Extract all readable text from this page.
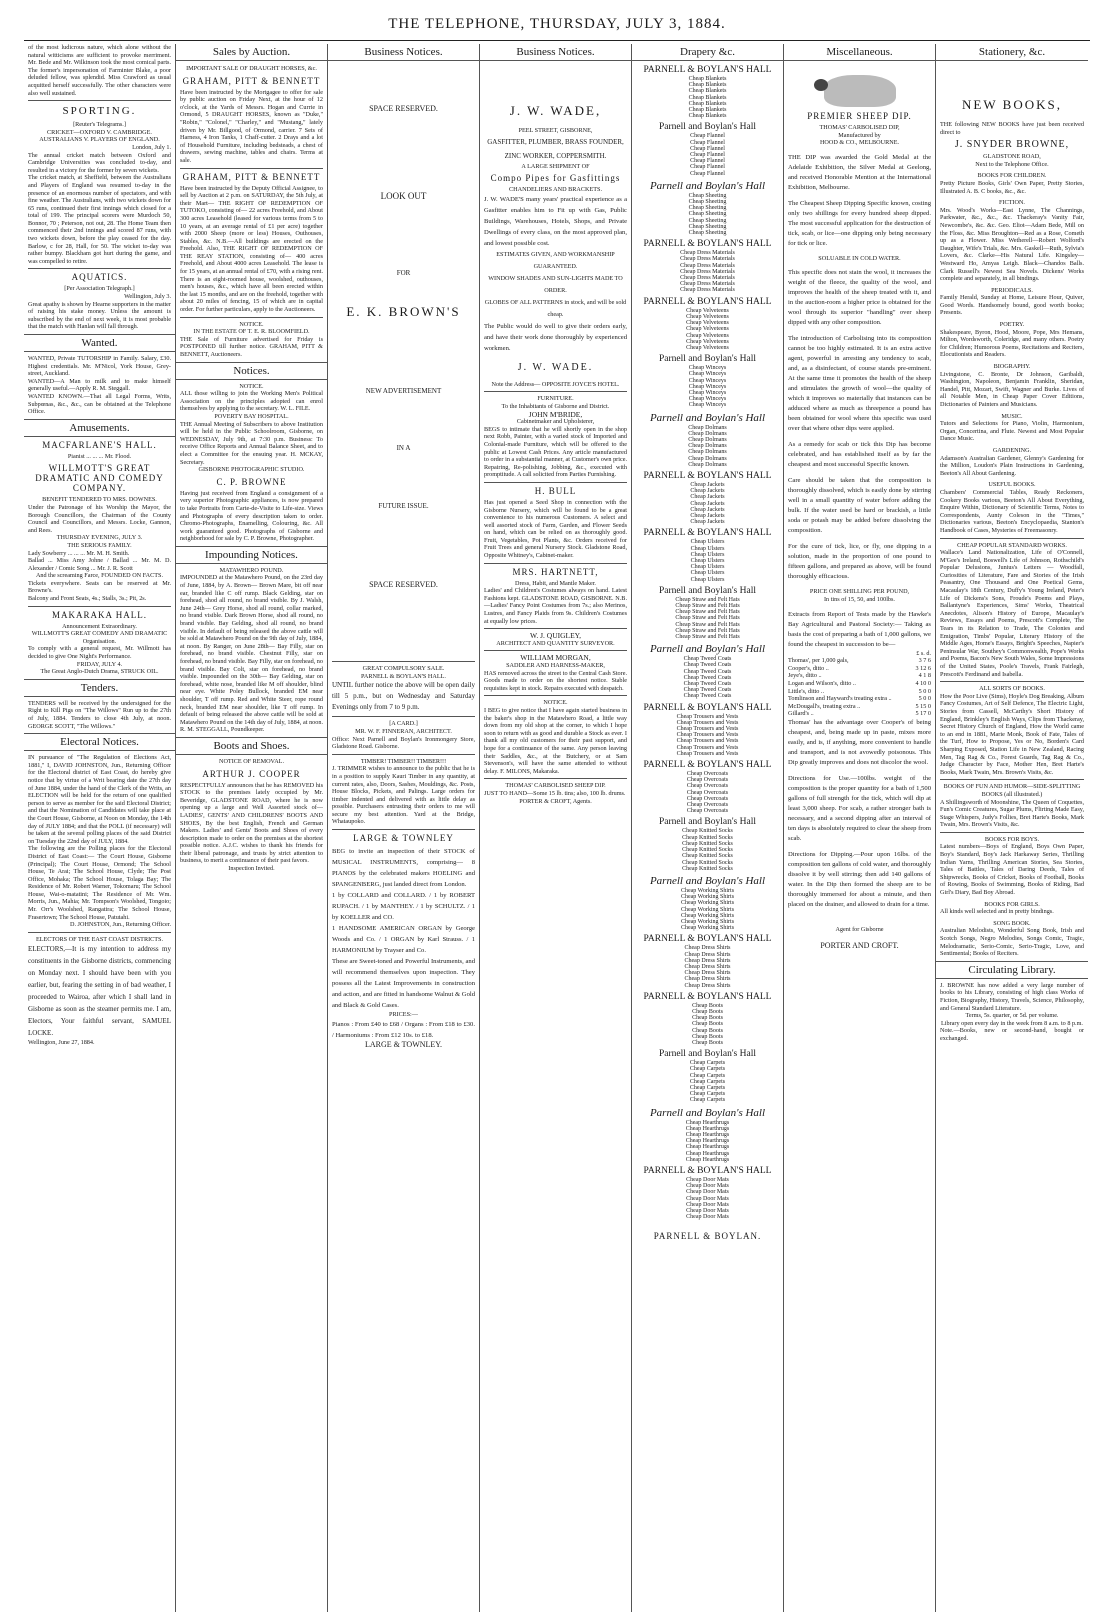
THE TELEPHONE, THURSDAY, JULY 3, 1884.
of the most ludicrous nature, which alone without the natural witticisms are sufficient to provoke merriment. Mr. Bede and Mr. Wilkinson took the most comical parts. The former's impersonation of Farminter Blake, a poor deluded fellow, was splendid. Miss Crawford as usual acquitted herself successfully. The other characters were also well sustained.
SPORTING.
[Reuter's Telegrams.]
CRICKET—OXFORD V. CAMBRIDGE.
AUSTRALIANS V. PLAYERS OF ENGLAND.
London, July 1.
The annual cricket match between Oxford and Cambridge Universities was concluded to-day, and resulted in a victory for the former by seven wickets.
The cricket match, at Sheffield, between the Australians and Players of England was resumed to-day in the presence of an enormous number of spectators, and with fine weather. The Australians, with two wickets down for 65 runs, continued their first innings which closed for a total of 199. The principal scorers were Murdoch 50, Bonnor, 70 ; Peterson, not out, 28. The Home Team then commenced their 2nd innings and scored 87 runs, with two wickets down, before the play ceased for the day. Barlow, c for 28, Hall, for 50. The wicket to-day was rather bumpy. Blackham got hurt during the game, and was compelled to retire.
AQUATICS.
[Per Association Telegraph.]
Wellington, July 3.
Great apathy is shown by Hearne supporters in the matter of raising his stake money. Unless the amount is subscribed by the end of next week, it is most probable that the match with Hanlan will fall through.
Wanted.
WANTED, Private TUTORSHIP in Family. Salary, £30. Highest credentials. Mr. M'Nicol, York House, Grey-street, Auckland.
WANTED—A Man to milk and to make himself generally useful.—Apply R. M. Steggall.
WANTED KNOWN.—That all Legal Forms, Writs, Subpœnas, &c., &c., can be obtained at the Telephone Office.
Amusements.
MACFARLANE'S HALL.
Pianist ... ... ... Mr. Flood.
WILLMOTT'S GREAT DRAMATIC AND COMEDY COMPANY.
BENEFIT TENDERED TO MRS. DOWNES.
Under the Patronage of his Worship the Mayor, the Borough Councillors, the Chairman of the County Council and Councillors, and Messrs. Locke, Gannon, and Rees.
THURSDAY EVENING, JULY 3.
THE SERIOUS FAMILY.
Lady Sowberry ... ... ... Mr. M. H. Smith.
Ballad ... Miss Amy Johne / Ballad ... Mr. M. D. Alexander / Comic Song ... Mr. J. R. Scott
And the screaming Farce, FOUNDED ON FACTS.
Tickets everywhere. Seats can be reserved at Mr. Browne's.
Balcony and Front Seats, 4s.; Stalls, 3s.; Pit, 2s.
MAKARAKA HALL.
Announcement Extraordinary.
WILLMOTT'S GREAT COMEDY AND DRAMATIC Organisation.
To comply with a general request, Mr. Willmott has decided to give One Night's Performance.
FRIDAY, JULY 4.
The Great Anglo-Dutch Drama, STRUCK OIL.
Tenders.
TENDERS will be received by the undersigned for the Right to Kill Pigs on "The Willows" Run up to the 27th of July, 1884. Tenders to close 4th July, at noon. GEORGE SCOTT, "The Willows."
Electoral Notices.
IN pursuance of "The Regulation of Elections Act, 1881," I, DAVID JOHNSTON, Jun., Returning Officer for the Electoral district of East Coast, do hereby give notice that by virtue of a Writ bearing date the 27th day of June 1884, under the hand of the Clerk of the Writs, an ELECTION will be held for the return of one qualified person to serve as member for the said Electoral District; and that the Nomination of Candidates will take place at the Court House, Gisborne, at Noon on Monday, the 14th day of JULY 1884; and that the POLL (if necessary) will be taken at the several polling places of the said District on Tuesday the 22nd day of JULY, 1884.
The following are the Polling places for the Electoral District of East Coast:— The Court House, Gisborne (Principal); The Court House, Ormond; The School House, Te Arai; The School House, Clyde; The Post Office, Mohaka; The School House, Tolaga Bay; The Residence of Mr. Robert Warner, Tokomaru; The School House, Wai-o-matatini; The Residence of Mr. Wm. Morris, Jun., Mahia; Mr. Tompson's Woolshed, Tongoio; Mr. Orr's Woolshed, Rangatira; The School House, Frasertown; The School House, Patutahi.
D. JOHNSTON, Jun., Returning Officer.
ELECTORS OF THE EAST COAST DISTRICTS.
ELECTORS,—It is my intention to address my constituents in the Gisborne districts, commencing on Monday next. I should have been with you earlier, but, fearing the setting in of bad weather, I proceeded to Wairoa, after which I shall land in Gisborne as soon as the steamer permits me. I am, Electors, Your faithful servant, SAMUEL LOCKE.
Wellington, June 27, 1884.
Sales by Auction.
IMPORTANT SALE OF DRAUGHT HORSES, &c.
GRAHAM, PITT & BENNETT
Have been instructed by the Mortgagee to offer for sale by public auction on Friday Next, at the hour of 12 o'clock, at the Yards of Messrs. Hogan and Currie in Ormond, 5 DRAUGHT HORSES, known as "Duke," "Robin," "Colonel," "Charley," and "Mustang," lately driven by Mr. Billgood, of Ormond, carrier. 7 Sets of Harness, 4 Iron Tanks, 1 Chaff-cutter. 2 Drays and a lot of Household Furniture, including bedsteads, a chest of drawers, sewing machine, tables and chairs. Terms at sale.
GRAHAM, PITT & BENNETT
Have been instructed by the Deputy Official Assignee, to sell by Auction at 2 p.m. on SATURDAY, the 5th July, at their Mart— THE RIGHT OF REDEMPTION OF TUTOKO, consisting of— 22 acres Freehold, and About 300 acres Leasehold (leased for various terms from 5 to 10 years, at an average rental of £1 per acre) together with 2000 Sheep (more or less) Houses, Outhouses, Stables, &c. N.B.—All buildings are erected on the Freehold. Also, THE RIGHT OF REDEMPTION OF THE REAY STATION, consisting of— 400 acres Freehold, and About 4000 acres Leasehold. The lease is for 15 years, at an annual rental of £70, with a rising rent. There is an eight-roomed house, woolshed, outhouses, men's houses, &c., which have all been erected within the last 15 months, and are on the freehold, together with about 20 miles of fencing, 15 of which are in capital order. For further particulars, apply to the Auctioneers.
NOTICE.
IN THE ESTATE OF T. E. R. BLOOMFIELD.
THE Sale of Furniture advertised for Friday is POSTPONED till further notice. GRAHAM, PITT & BENNETT, Auctioneers.
Notices.
NOTICE.
ALL those willing to join the Working Men's Political Association on the principles adopted can enrol themselves by applying to the secretary. W. L. FILE.
POVERTY BAY HOSPITAL.
THE Annual Meeting of Subscribers to above Institution will be held in the Public Schoolroom, Gisborne, on WEDNESDAY, July 9th, at 7:30 p.m. Business: To receive Office Reports and Annual Balance Sheet, and to elect a Committee for the ensuing year. H. MCKAY, Secretary.
GISBORNE PHOTOGRAPHIC STUDIO.
C. P. BROWNE
Having just received from England a consignment of a very superior Photographic appliances, is now prepared to take Portraits from Carte-de-Visite to Life-size. Views and Photographs of every description taken to order. Chromo-Photographs, Enamelling, Colouring, &c. All work guaranteed good. Photographs of Gisborne and neighborhood for sale by C. P. Browne, Photographer.
Impounding Notices.
MATAWHERO POUND.
IMPOUNDED at the Matawhero Pound, on the 23rd day of June, 1884, by A. Brown— Brown Mare, bit off near ear, branded like C off rump. Black Gelding, star on forehead, shod all round, no brand visible. By J. Walsh, June 24th— Grey Horse, shod all round, collar marked, no brand visible. Dark Brown Horse, shod all round, no brand visible. Bay Gelding, shod all round, no brand visible. In default of being released the above cattle will be sold at Matawhero Pound on the 9th day of July, 1884, at noon. By Ranger, on June 28th— Bay Filly, star on forehead, no brand visible. Chestnut Filly, star on forehead, no brand visible. Bay Filly, star on forehead, no brand visible. Bay Colt, star on forehead, no brand visible. Impounded on the 30th— Bay Gelding, star on forehead, white nose, branded like M off shoulder, blind near eye. White Poley Bullock, branded EM near shoulder, T off rump. Red and White Steer, rope round neck, branded EM near shoulder, like T off rump. In default of being released the above cattle will be sold at Matawhero Pound on the 14th day of July, 1884, at noon. R. M. STEGGALL, Poundkeeper.
Boots and Shoes.
NOTICE OF REMOVAL.
ARTHUR J. COOPER
RESPECTFULLY announces that he has REMOVED his STOCK to the premises lately occupied by Mr. Beveridge, GLADSTONE ROAD, where he is now opening up a large and Well Assorted stock of— LADIES', GENTS' AND CHILDRENS' BOOTS AND SHOES, By the best English, French and German Makers. Ladies' and Gents' Boots and Shoes of every description made to order on the premises at the shortest possible notice. A.J.C. wishes to thank his friends for their liberal patronage, and trusts by strict attention to business, to merit a continuance of their past favors.
Inspection Invited.
Business Notices.
SPACE RESERVED.
LOOK OUT
FOR
E. K. BROWN'S
NEW ADVERTISEMENT
IN A
FUTURE ISSUE.
SPACE RESERVED.
GREAT COMPULSORY SALE.
PARNELL & BOYLAN'S HALL.
UNTIL further notice the above will be open daily till 5 p.m., but on Wednesday and Saturday Evenings only from 7 to 9 p.m.
[A CARD.]
MR. W. F. FINNERAN, ARCHITECT.
Office: Next Parnell and Boylan's Ironmongery Store, Gladstone Road. Gisborne.
TIMBER! TIMBER!! TIMBER!!!
J. TRIMMER wishes to announce to the public that he is in a position to supply Kauri Timber in any quantity, at current rates, also, Doors, Sashes, Mouldings, &c. Posts, House Blocks, Pickets, and Palings. Large orders for timber indented and delivered with as little delay as possible. Purchasers entrusting their orders to me will secure my best attention. Yard at the Bridge, Whataupoko.
LARGE & TOWNLEY
BEG to invite an inspection of their STOCK of MUSICAL INSTRUMENTS, comprising— 8 PIANOS by the celebrated makers HOELING and SPANGENBERG, just landed direct from London.
1 by COLLARD and COLLARD. / 1 by ROBERT RUPACH. / 1 by MANTHEY. / 1 by SCHULTZ. / 1 by KOELLER and CO.
1 HANDSOME AMERICAN ORGAN by George Woods and Co. / 1 ORGAN by Karl Strauss. / 1 HARMONIUM by Trayser and Co.
These are Sweet-toned and Powerful Instruments, and will recommend themselves upon inspection. They possess all the Latest Improvements in construction and action, and are fitted in handsome Walnut & Gold and Black & Gold Cases.
PRICES:—
Pianos : From £40 to £68 / Organs : From £18 to £30. / Harmoniums : From £12 10s. to £18.
LARGE & TOWNLEY.
Business Notices.
J. W. WADE,
PEEL STREET, GISBORNE,
GASFITTER, PLUMBER, BRASS FOUNDER, ZINC WORKER, COPPERSMITH.
A LARGE SHIPMENT OF
Compo Pipes for Gasfittings
CHANDELIERS AND BRACKETS.
J. W. WADE'S many years' practical experience as a Gasfitter enables him to Fit up with Gas, Public Buildings, Warehouses, Hotels, Shops, and Private Dwellings of every class, on the most approved plan, and lowest possible cost.
ESTIMATES GIVEN, AND WORKMANSHIP GUARANTEED.
WINDOW SHADES AND SUN-LIGHTS MADE TO ORDER.
GLOBES OF ALL PATTERNS in stock, and will be sold cheap.
The Public would do well to give their orders early, and have their work done thoroughly by experienced workmen.
J. W. WADE.
Note the Address— OPPOSITE JOYCE'S HOTEL.
FURNITURE.
To the Inhabitants of Gisborne and District.
JOHN M'BRIDE,
Cabinetmaker and Upholsterer,
BEGS to intimate that he will shortly open in the shop next Robb, Painter, with a varied stock of Imported and Colonial-made Furniture, which will be offered to the public at Lowest Cash Prices. Any article manufactured to order in a substantial manner, at Customer's own price. Repairing, Re-polishing, Jobbing, &c., executed with promptitude. A call solicited from Parties Furnishing.
H. BULL
Has just opened a Seed Shop in connection with the Gisborne Nursery, which will be found to be a great convenience to his numerous Customers. A select and well assorted stock of Farm, Garden, and Flower Seeds on hand, which can be relied on as thoroughly good. Fruit, Vegetables, Pot Plants, &c. Orders received for Fruit Trees and general Nursery Stock. Gladstone Road, Opposite Whitney's, Cabinet-maker.
MRS. HARTNETT,
Dress, Habit, and Mantle Maker.
Ladies' and Children's Costumes always on hand. Latest Fashions kept. GLADSTONE ROAD, GISBORNE. N.B.—Ladies' Fancy Point Costumes from 7s.; also Merinos, Lustres, and Fancy Plaids from 9s. Children's Costumes at equally low prices.
W. J. QUIGLEY,
ARCHITECT AND QUANTITY SURVEYOR.
WILLIAM MORGAN,
SADDLER AND HARNESS-MAKER,
HAS removed across the street to the Central Cash Store. Goods made to order on the shortest notice. Stable requisites kept in stock. Repairs executed with despatch.
NOTICE.
I BEG to give notice that I have again started business in the baker's shop in the Matawhero Road, a little way down from my old shop at the corner, to which I hope soon to return with as good and durable a Stock as ever. I thank all my old customers for their past support, and hope for a continuance of the same. Any person leaving their Saddles, &c., at the Butchery, or at Sam Stevenson's, will have the same attended to without delay. F. MILONS, Makaraka.
THOMAS' CARBOLISED SHEEP DIP.
JUST TO HAND—Some 15 lb. tins; also, 100 lb. drums.
PORTER & CROFT, Agents.
Drapery &c.
PARNELL & BOYLAN'S HALL
Cheap Blankets
Cheap Blankets
Cheap Blankets
Cheap Blankets
Cheap Blankets
Cheap Blankets
Cheap Blankets
Parnell and Boylan's Hall
Cheap Flannel
Cheap Flannel
Cheap Flannel
Cheap Flannel
Cheap Flannel
Cheap Flannel
Cheap Flannel
Parnell and Boylan's Hall
Cheap Sheeting
Cheap Sheeting
Cheap Sheeting
Cheap Sheeting
Cheap Sheeting
Cheap Sheeting
Cheap Sheeting
PARNELL & BOYLAN'S HALL
Cheap Dress Materials
Cheap Dress Materials
Cheap Dress Materials
Cheap Dress Materials
Cheap Dress Materials
Cheap Dress Materials
Cheap Dress Materials
PARNELL & BOYLAN'S HALL
Cheap Velveteens
Cheap Velveteens
Cheap Velveteens
Cheap Velveteens
Cheap Velveteens
Cheap Velveteens
Cheap Velveteens
Parnell and Boylan's Hall
Cheap Winceys
Cheap Winceys
Cheap Winceys
Cheap Winceys
Cheap Winceys
Cheap Winceys
Cheap Winceys
Parnell and Boylan's Hall
Cheap Dolmans
Cheap Dolmans
Cheap Dolmans
Cheap Dolmans
Cheap Dolmans
Cheap Dolmans
Cheap Dolmans
PARNELL & BOYLAN'S HALL
Cheap Jackets
Cheap Jackets
Cheap Jackets
Cheap Jackets
Cheap Jackets
Cheap Jackets
Cheap Jackets
PARNELL & BOYLAN'S HALL
Cheap Ulsters
Cheap Ulsters
Cheap Ulsters
Cheap Ulsters
Cheap Ulsters
Cheap Ulsters
Cheap Ulsters
Parnell and Boylan's Hall
Cheap Straw and Felt Hats
Cheap Straw and Felt Hats
Cheap Straw and Felt Hats
Cheap Straw and Felt Hats
Cheap Straw and Felt Hats
Cheap Straw and Felt Hats
Cheap Straw and Felt Hats
Parnell and Boylan's Hall
Cheap Tweed Coats
Cheap Tweed Coats
Cheap Tweed Coats
Cheap Tweed Coats
Cheap Tweed Coats
Cheap Tweed Coats
Cheap Tweed Coats
PARNELL & BOYLAN'S HALL
Cheap Trousers and Vests
Cheap Trousers and Vests
Cheap Trousers and Vests
Cheap Trousers and Vests
Cheap Trousers and Vests
Cheap Trousers and Vests
Cheap Trousers and Vests
PARNELL & BOYLAN'S HALL
Cheap Overcoats
Cheap Overcoats
Cheap Overcoats
Cheap Overcoats
Cheap Overcoats
Cheap Overcoats
Cheap Overcoats
Parnell and Boylan's Hall
Cheap Knitted Socks
Cheap Knitted Socks
Cheap Knitted Socks
Cheap Knitted Socks
Cheap Knitted Socks
Cheap Knitted Socks
Cheap Knitted Socks
Parnell and Boylan's Hall
Cheap Working Shirts
Cheap Working Shirts
Cheap Working Shirts
Cheap Working Shirts
Cheap Working Shirts
Cheap Working Shirts
Cheap Working Shirts
PARNELL & BOYLAN'S HALL
Cheap Dress Shirts
Cheap Dress Shirts
Cheap Dress Shirts
Cheap Dress Shirts
Cheap Dress Shirts
Cheap Dress Shirts
Cheap Dress Shirts
PARNELL & BOYLAN'S HALL
Cheap Boots
Cheap Boots
Cheap Boots
Cheap Boots
Cheap Boots
Cheap Boots
Cheap Boots
Parnell and Boylan's Hall
Cheap Carpets
Cheap Carpets
Cheap Carpets
Cheap Carpets
Cheap Carpets
Cheap Carpets
Cheap Carpets
Parnell and Boylan's Hall
Cheap Hearthrugs
Cheap Hearthrugs
Cheap Hearthrugs
Cheap Hearthrugs
Cheap Hearthrugs
Cheap Hearthrugs
Cheap Hearthrugs
PARNELL & BOYLAN'S HALL
Cheap Door Mats
Cheap Door Mats
Cheap Door Mats
Cheap Door Mats
Cheap Door Mats
Cheap Door Mats
Cheap Door Mats
PARNELL & BOYLAN.
Miscellaneous.
PREMIER SHEEP DIP.
THOMAS' CARBOLISED DIP,
Manufactured by
HOOD & CO., MELBOURNE.
THE DIP was awarded the Gold Medal at the Adelaide Exhibition, the Silver Medal at Geelong, and received Honorable Mention at the International Exhibition, Melbourne.
The Cheapest Sheep Dipping Specific known, costing only two shillings for every hundred sheep dipped. The most successful application for the destruction of tick, scab, or lice—one dipping only being necessary for tick or lice.
SOLUABLE IN COLD WATER.
This specific does not stain the wool, it increases the weight of the fleece, the quality of the wool, and improves the health of the sheep treated with it, and in the auction-room a higher price is obtained for the wool through its superior "handling" over sheep dipped with any other composition.
The introduction of Carbolising into its composition cannot be too highly estimated. It is an extra active agent, powerful in arresting any tendency to scab, and, as a disinfectant, of course stands pre-eminent. At the same time it promotes the health of the sheep and stimulates the growth of wool—the quality of which it improves so materially that instances can be adduced where as much as threepence a pound has been obtained for wool where this specific was used over that where other dips were applied.
As a remedy for scab or tick this Dip has become celebrated, and has established itself as by far the cheapest and most successful Specific known.
Care should be taken that the composition is thoroughly dissolved, which is easily done by stirring well in a small quantity of water before adding the bulk. If the water used be hard or brackish, a little soda or potash may be added before dissolving the composition.
For the cure of tick, lice, or fly, one dipping in a solution, made in the proportion of one pound to fifteen gallons, and prepared as above, will be found thoroughly efficacious.
PRICE ONE SHILLING PER POUND,
In tins of 15, 50, and 100lbs.
Extracts from Report of Tests made by the Hawke's Bay Agricultural and Pastoral Society:— Taking as basis the cost of preparing a bath of 1,000 gallons, we found the cheapest in succession to be—
£ s. d.
Thomas', per 1,000 gals,	3 7 6
Cooper's, ditto ..	3 12 6
Jeye's, ditto ..	4 1 8
Logan and Wilson's, ditto ..	4 10 0
Little's, ditto ..	5 0 0
Tomlinson and Hayward's treating extra ..	5 0 0
McDougall's, treating extra ..	5 15 0
Gillard's ..	5 17 0
Thomas' has the advantage over Cooper's of being cheapest, and, being made up in paste, mixes more easily, and is, if anything, more convenient to handle and transport, and is not avowedly poisonous. This Dip greatly improves and does not discolor the wool.
Directions for Use.—100lbs. weight of the composition is the proper quantity for a bath of 1,500 gallons of full strength for the tick, which will dip at least 3,000 sheep. For scab, a rather stronger bath is necessary, and a second dipping after an interval of ten days is absolutely required to clear the sheep from scab.
Directions for Dipping.—Pour upon 16lbs. of the composition ten gallons of cold water, and thoroughly dissolve it by well stirring; then add 140 gallons of water. In the Dip then formed the sheep are to be thoroughly immersed for about a minute, and then placed on the drainer, and allowed to drain for a time.
Agent for Gisborne
PORTER AND CROFT.
Stationery, &c.
NEW BOOKS,
THE following NEW BOOKS have just been received direct to
J. SNYDER BROWNE,
GLADSTONE ROAD,
Next to the Telephone Office.
BOOKS FOR CHILDREN.
Pretty Picture Books, Girls' Own Paper, Pretty Stories, Illustrated A. B. C books, &c., &c.
FICTION.
Mrs. Wood's Works—East Lynne, The Channings, Parkwater, &c., &c., &c. Thackeray's Vanity Fair, Newcombe's, &c. &c. Geo. Eliot—Adam Bede, Mill on the Floss, &c. Miss Broughton—Red as a Rose, Cometh up as a Flower. Miss Wetherell—Robert Wolford's Daughter, Wife's Trials, &c. Mrs. Gaskell—Ruth, Sylvia's Lovers, &c. Clarke—His Natural Life. Kingsley—Westward Ho, Amyas Leigh. Black—Chandos Balls. Clark Russell's Newest Sea Novels. Dickens' Works complete and separately, in all bindings.
PERIODICALS.
Family Herald, Sunday at Home, Leisure Hour, Quiver, Good Words. Handsomely bound, good worth books; Presents.
POETRY.
Shakespeare, Byron, Hood, Moore, Pope, Mrs Hemans, Milton, Wordsworth, Coleridge, and many others. Poetry for Children; Humorous Poems, Recitations and Reciters, Elocutionists and Readers.
BIOGRAPHY.
Livingstone, C. Bronte, Dr Johnson, Garibaldi, Washington, Napoleon, Benjamin Franklin, Sheridan, Handel, Pitt, Mozart, Swift, Wagner and Burke. Lives of all Notable Men, in Cheap Paper Cover Editions, Dictionaries of Painters and Musicians.
MUSIC.
Tutors and Selections for Piano, Violin, Harmonium, Organ, Concertina, and Flute. Newest and Most Popular Dance Music.
GARDENING.
Adamson's Australian Gardener, Glenny's Gardening for the Million, Loudon's Plain Instructions in Gardening, Beeton's All About Gardening.
USEFUL BOOKS.
Chambers' Commercial Tables, Ready Reckoners, Cookery Books various, Beeton's All About Everything, Enquire Within, Dictionary of Scientific Terms, Notes to Correspondents, Aunty Coleson in the "Times," Dictionaries various, Beeton's Encyclopaedia, Stanton's Handbook of Cases, Mysteries of Freemasonry.
CHEAP POPULAR STANDARD WORKS.
Wallace's Land Nationalization, Life of O'Connell, M'Gee's Ireland, Boswell's Life of Johnson, Rothschild's Popular Delusions, Junius's Letters — Woodfall, Curiosities of Literature, Fare and Stories of the Irish Peasantry, One Thousand and One Poetical Gems, Macaulay's 18th Century, Duffy's Young Ireland, Peter's Life of Dickens's Sons, Froude's Poems and Plays, Ballantyne's Experiences, Sims' Works, Theatrical Anecdotes, Alison's History of Europe, Macaulay's Reviews, Essays and Poems, Prescott's Complete, The Tears in its Relation to Trade, The Colonies and Emigration, Timbs' Popular, Literary History of the Middle Ages, Home's Essays, Bright's Speeches, Napier's Peninsular War, Southey's Commonwealth, Pope's Works and Poems, Bacon's New South Wales, Some Impressions of the United States, Poole's Travels, Frank Fairlegh, Prescott's Ferdinand and Isabella.
ALL SORTS OF BOOKS.
How the Poor Live (Sims), Hoyle's Dog Breaking, Album Fancy Costumes, Art of Self Defence, The Electric Light, Stories from Cassell, McCarthy's Short History of England, Brinkley's English Ways, Clips from Thackeray, Secret History Church of England, How the World came to an end in 1881, Marie Monk, Book of Fate, Tales of the Turf, How to Propose, Yes or No, Borden's Card Sharping Exposed, Station Life in New Zealand, Racing Men, Tag Rag & Co., Forest Guards, Tag Rag & Co., Judge Character by Face, Mother Hen, Bret Harte's Books, Mark Twain, Mrs. Brown's Visits, &c.
BOOKS OF FUN AND HUMOR—SIDE-SPLITTING BOOKS (all illustrated.)
A Shillingsworth of Moonshine, The Queen of Coquettes, Fun's Comic Creatures, Sugar Plums, Flirting Made Easy, Stage Whispers, Judy's Follies, Bret Harte's Books, Mark Twain, Mrs. Brown's Visits, &c.
BOOKS FOR BOYS.
Latest numbers—Boys of England, Boys Own Paper, Boy's Standard, Boy's Jack Harkaway Series, Thrilling Indian Yarns, Thrilling American Stories, Sea Stories, Tales of Battles, Tales of Daring Deeds, Tales of Shipwrecks, Books of Cricket, Books of Football, Books of Rowing, Books of Swimming, Books of Riding, Bad Girl's Diary, Bad Boy Abroad.
BOOKS FOR GIRLS.
All kinds well selected and in pretty bindings.
SONG BOOK.
Australian Melodists, Wonderful Song Book, Irish and Scotch Songs, Negro Melodies, Songs Comic, Tragic, Melodramatic, Serio-Comic, Serio-Tragic, Love, and Sentimental; Books of Reciters.
Circulating Library.
J. BROWNE has now added a very large number of books to his Library, consisting of high class Works of Fiction, Biography, History, Travels, Science, Philosophy, and General Standard Literature.
Terms, 5s. quarter, or 5d. per volume.
Library open every day in the week from 8 a.m. to 8 p.m.
Note.—Books, new or second-hand, bought or exchanged.
